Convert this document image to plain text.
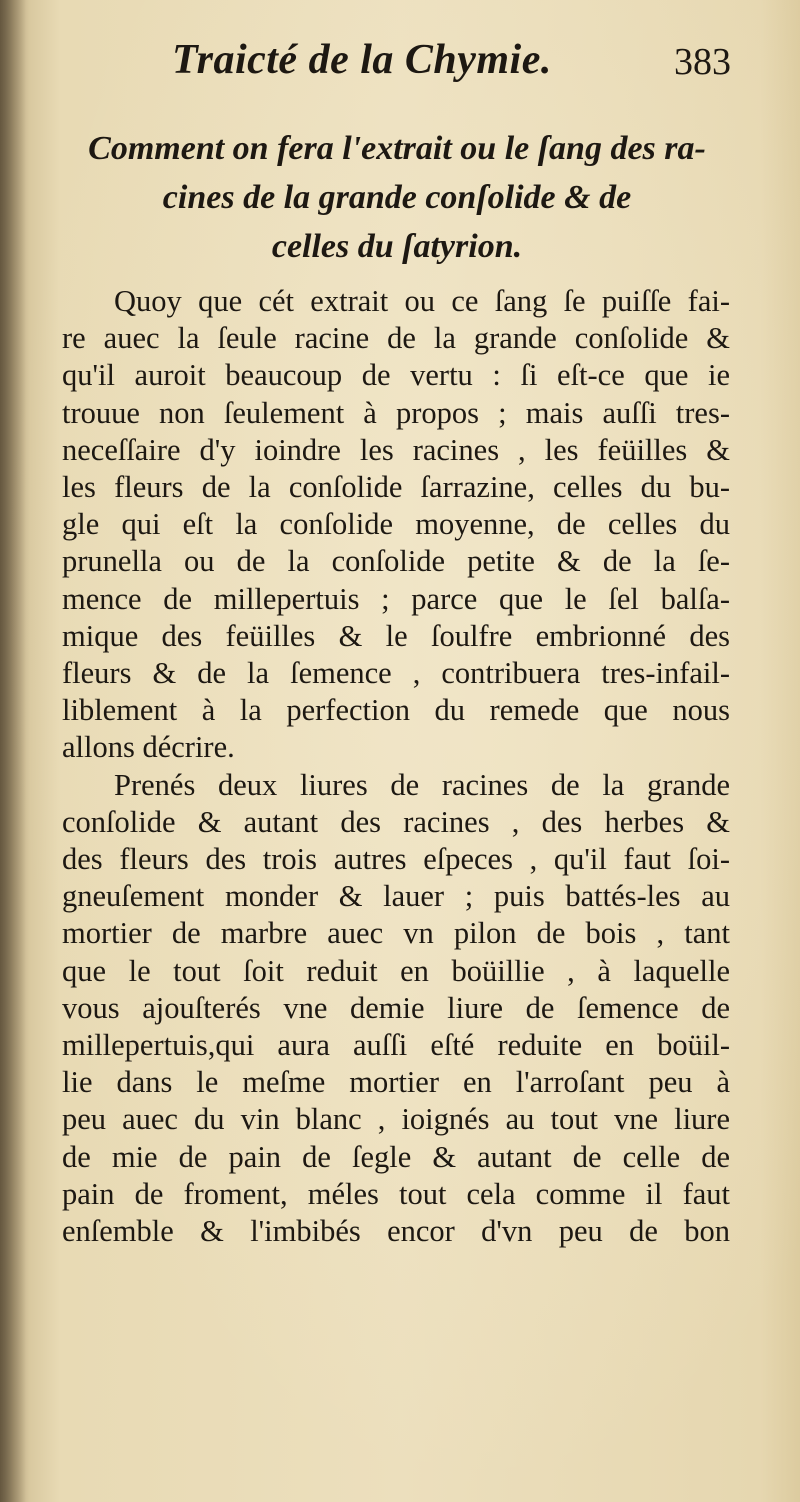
Traicté de la Chymie.	383
Comment on fera l'extrait ou le ſang des ra-
cines de la grande conſolide & de
celles du ſatyrion.
Quoy que cét extrait ou ce ſang ſe puiſſe fai-
re auec la ſeule racine de la grande conſolide &
qu'il auroit beaucoup de vertu : ſi eſt-ce que ie
trouue non ſeulement à propos ; mais auſſi tres-
neceſſaire d'y ioindre les racines , les feüilles &
les fleurs de la conſolide ſarrazine, celles du bu-
gle qui eſt la conſolide moyenne, de celles du
prunella ou de la conſolide petite & de la ſe-
mence de millepertuis ; parce que le ſel balſa-
mique des feüilles & le ſoulfre embrionné des
fleurs & de la ſemence , contribuera tres-infail-
liblement à la perfection du remede que nous
allons décrire.
Prenés deux liures de racines de la grande
conſolide & autant des racines , des herbes &
des fleurs des trois autres eſpeces , qu'il faut ſoi-
gneuſement monder & lauer ; puis battés-les au
mortier de marbre auec vn pilon de bois , tant
que le tout ſoit reduit en boüillie , à laquelle
vous ajouſterés vne demie liure de ſemence de
millepertuis,qui aura auſſi eſté reduite en boüil-
lie dans le meſme mortier en l'arroſant peu à
peu auec du vin blanc , ioignés au tout vne liure
de mie de pain de ſegle & autant de celle de
pain de froment, méles tout cela comme il faut
enſemble & l'imbibés encor d'vn peu de bon
